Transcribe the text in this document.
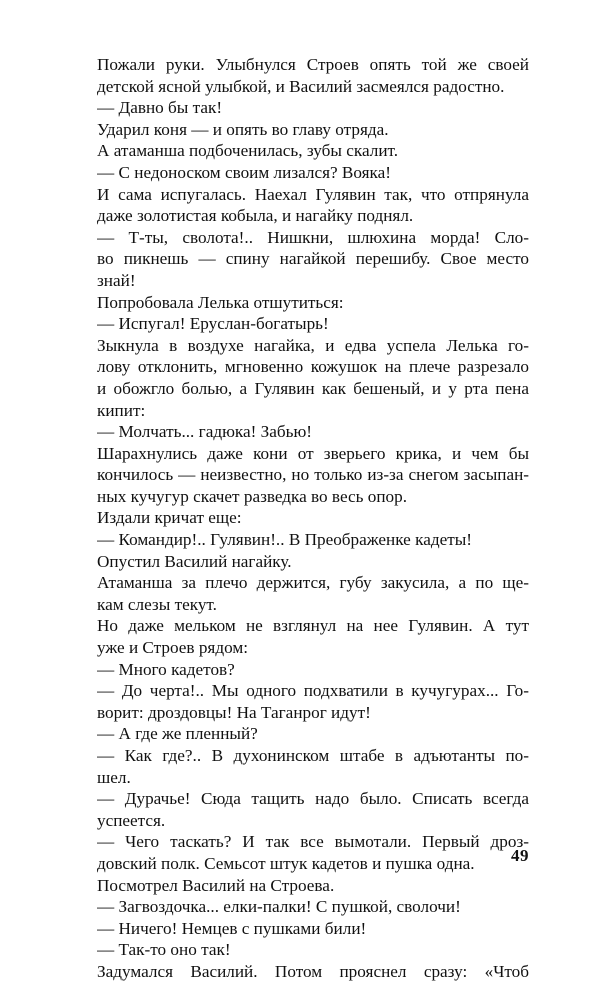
Пожали руки. Улыбнулся Строев опять той же своей
детской ясной улыбкой, и Василий засмеялся радостно.
— Давно бы так!
Ударил коня — и опять во главу отряда.
А атаманша подбоченилась, зубы скалит.
— С недоноском своим лизался? Вояка!
И сама испугалась. Наехал Гулявин так, что отпрянула
даже золотистая кобыла, и нагайку поднял.
— Т-ты, сволота!.. Нишкни, шлюхина морда! Сло-
во пикнешь — спину нагайкой перешибу. Свое место
знай!
Попробовала Лелька отшутиться:
— Испугал! Еруслан-богатырь!
Зыкнула в воздухе нагайка, и едва успела Лелька го-
лову отклонить, мгновенно кожушок на плече разрезало
и обожгло болью, а Гулявин как бешеный, и у рта пена
кипит:
— Молчать... гадюка! Забью!
Шарахнулись даже кони от зверьего крика, и чем бы
кончилось — неизвестно, но только из-за снегом засыпан-
ных кучугур скачет разведка во весь опор.
Издали кричат еще:
— Командир!.. Гулявин!.. В Преображенке кадеты!
Опустил Василий нагайку.
Атаманша за плечо держится, губу закусила, а по ще-
кам слезы текут.
Но даже мельком не взглянул на нее Гулявин. А тут
уже и Строев рядом:
— Много кадетов?
— До черта!.. Мы одного подхватили в кучугурах... Го-
ворит: дроздовцы! На Таганрог идут!
— А где же пленный?
— Как где?.. В духонинском штабе в адъютанты по-
шел.
— Дурачье! Сюда тащить надо было. Списать всегда
успеется.
— Чего таскать? И так все вымотали. Первый дроз-
довский полк. Семьсот штук кадетов и пушка одна.
Посмотрел Василий на Строева.
— Загвоздочка... елки-палки! С пушкой, сволочи!
— Ничего! Немцев с пушками били!
— Так-то оно так!
Задумался Василий. Потом прояснел сразу: «Чтоб
49
